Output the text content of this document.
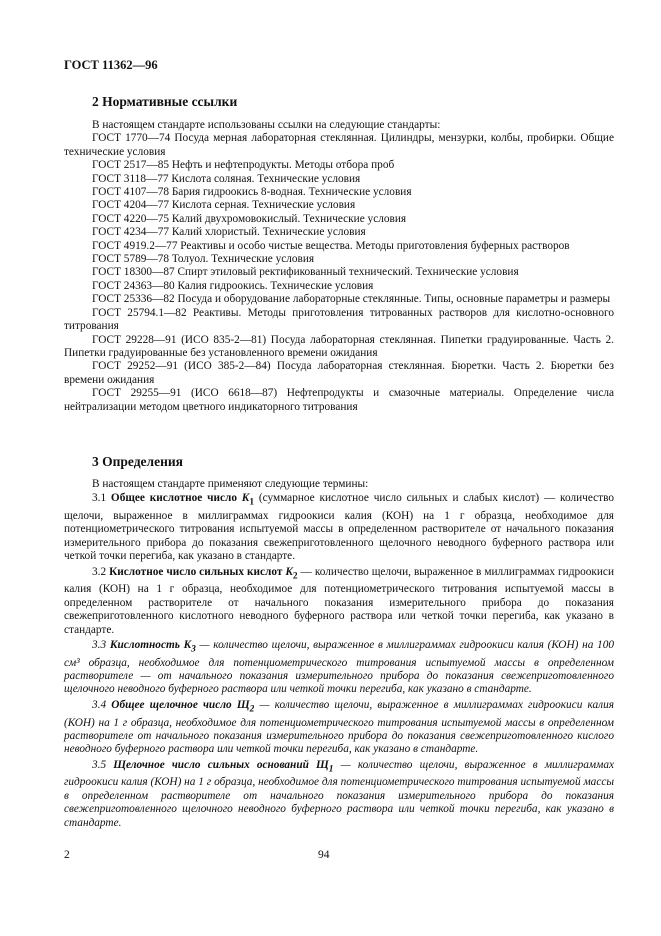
ГОСТ 11362—96
2 Нормативные ссылки

В настоящем стандарте использованы ссылки на следующие стандарты:

ГОСТ 1770—74 Посуда мерная лабораторная стеклянная. Цилиндры, мензурки, колбы, пробирки. Общие технические условия

ГОСТ 2517—85 Нефть и нефтепродукты. Методы отбора проб

ГОСТ 3118—77 Кислота соляная. Технические условия

ГОСТ 4107—78 Бария гидроокись 8-водная. Технические условия

ГОСТ 4204—77 Кислота серная. Технические условия

ГОСТ 4220—75 Калий двухромовокислый. Технические условия

ГОСТ 4234—77 Калий хлористый. Технические условия

ГОСТ 4919.2—77 Реактивы и особо чистые вещества. Методы приготовления буферных растворов

ГОСТ 5789—78 Толуол. Технические условия

ГОСТ 18300—87 Спирт этиловый ректификованный технический. Технические условия

ГОСТ 24363—80 Калия гидроокись. Технические условия

ГОСТ 25336—82 Посуда и оборудование лабораторные стеклянные. Типы, основные параметры и размеры

ГОСТ 25794.1—82 Реактивы. Методы приготовления титрованных растворов для кислотно-основного титрования

ГОСТ 29228—91 (ИСО 835-2—81) Посуда лабораторная стеклянная. Пипетки градуированные. Часть 2. Пипетки градуированные без установленного времени ожидания

ГОСТ 29252—91 (ИСО 385-2—84) Посуда лабораторная стеклянная. Бюретки. Часть 2. Бюретки без времени ожидания

ГОСТ 29255—91 (ИСО 6618—87) Нефтепродукты и смазочные материалы. Определение числа нейтрализации методом цветного индикаторного титрования

3 Определения

В настоящем стандарте применяют следующие термины:

3.1 Общее кислотное число $K_1$ (суммарное кислотное число сильных и слабых кислот) — количество щелочи, выраженное в миллиграммах гидроокиси калия (КОН) на 1 г образца, необходимое для потенциометрического титрования испытуемой массы в определенном растворителе от начального показания измерительного прибора до показания свежеприготовленного щелочного неводного буферного раствора или четкой точки перегиба, как указано в стандарте.

3.2 Кислотное число сильных кислот $K_2$ — количество щелочи, выраженное в миллиграммах гидроокиси калия (КОН) на 1 г образца, необходимое для потенциометрического титрования испытуемой массы в определенном растворителе от начального показания измерительного прибора до показания свежеприготовленного кислотного неводного буферного раствора или четкой точки перегиба, как указано в стандарте.

3.3 Кислотность $K_3$ — количество щелочи, выраженное в миллиграммах гидроокиси калия (КОН) на 100 см³ образца, необходимое для потенциометрического титрования испытуемой массы в определенном растворителе — от начального показания измерительного прибора до показания свежеприготовленного щелочного неводного буферного раствора или четкой точки перегиба, как указано в стандарте.

3.4 Общее щелочное число $Щ_2$ — количество щелочи, выраженное в миллиграммах гидроокиси калия (КОН) на 1 г образца, необходимое для потенциометрического титрования испытуемой массы в определенном растворителе от начального показания измерительного прибора до показания свежеприготовленного кислого неводного буферного раствора или четкой точки перегиба, как указано в стандарте.

3.5 Щелочное число сильных оснований $Щ_1$ — количество щелочи, выраженное в миллиграммах гидроокиси калия (КОН) на 1 г образца, необходимое для потенциометрического титрования испытуемой массы в определенном растворителе от начального показания измерительного прибора до показания свежеприготовленного щелочного неводного буферного раствора или четкой точки перегиба, как указано в стандарте.

2	94
